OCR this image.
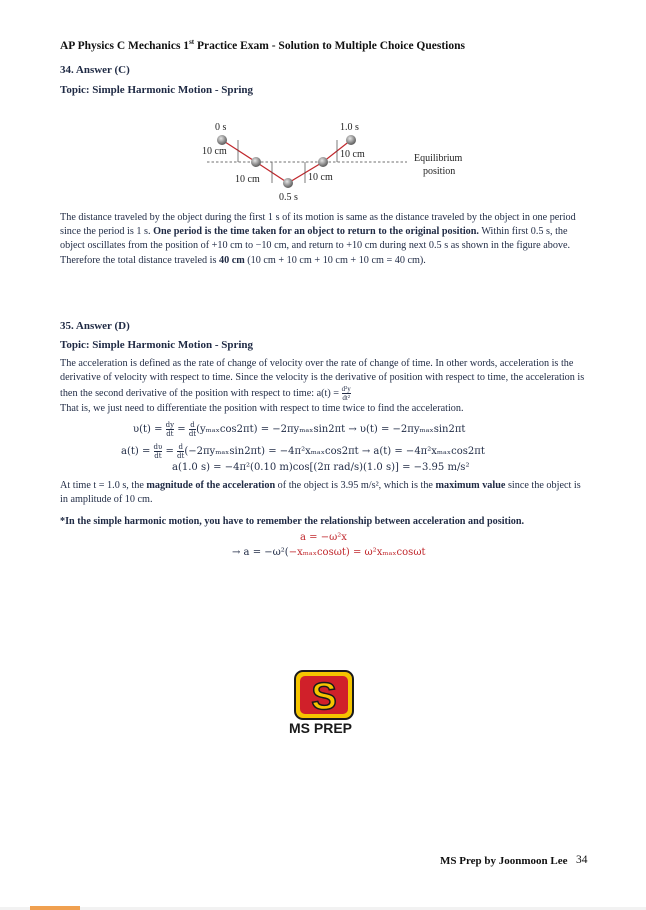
AP Physics C Mechanics 1st Practice Exam - Solution to Multiple Choice Questions
34. Answer (C)
Topic: Simple Harmonic Motion - Spring
0 s	1.0 s
0.5 s
10 cm
10 cm	10 cm
10 cm	Equilibrium
position
The distance traveled by the object during the first 1 s of its motion is same as the distance traveled by the object in one period since the period is 1 s. One period is the time taken for an object to return to the original position. Within first 0.5 s, the object oscillates from the position of +10 cm to −10 cm, and return to +10 cm during next 0.5 s as shown in the figure above. Therefore the total distance traveled is 40 cm (10 cm + 10 cm + 10 cm + 10 cm = 40 cm).
35. Answer (D)
Topic: Simple Harmonic Motion - Spring
The acceleration is defined as the rate of change of velocity over the rate of change of time. In other words, acceleration is the derivative of velocity with respect to time. Since the velocity is the derivative of position with respect to time, the acceleration is then the second derivative of the position with respect to time: $a(t) = \frac{\text{d²y}}{\text{dt²}}$
That is, we just need to differentiate the position with respect to time twice to find the acceleration.
$\upsilon(t) = \frac{dy}{dt} = \frac{d}{dt} (y_{max}\cos 2\pi t) = -2\pi y_{max}\sin 2\pi t \to \upsilon(t) = -2\pi y_{max}\sin 2\pi t$
$a(t) = \frac{d\upsilon}{dt} = \frac{d}{dt} (-2\pi y_{max}\sin 2\pi t) = -4\pi^2x_{max}\cos 2\pi t \to a(t) = -4\pi^2x_{max}\cos 2\pi t$
a(1.0 s) = −4π²(0.10 m)cos[(2π rad/s)(1.0 s)] = −3.95 m/s²
At time t = 1.0 s, the magnitude of the acceleration of the object is 3.95 m/s², which is the maximum value since the object is in amplitude of 10 cm.
*In the simple harmonic motion, you have to remember the relationship between acceleration and position.
a = −ω²x
→ a = −ω²(−xₘₐₓcosωt) = ω²xₘₐₓcosωt
S
MS PREP
MS Prep by Joonmoon Lee 34
